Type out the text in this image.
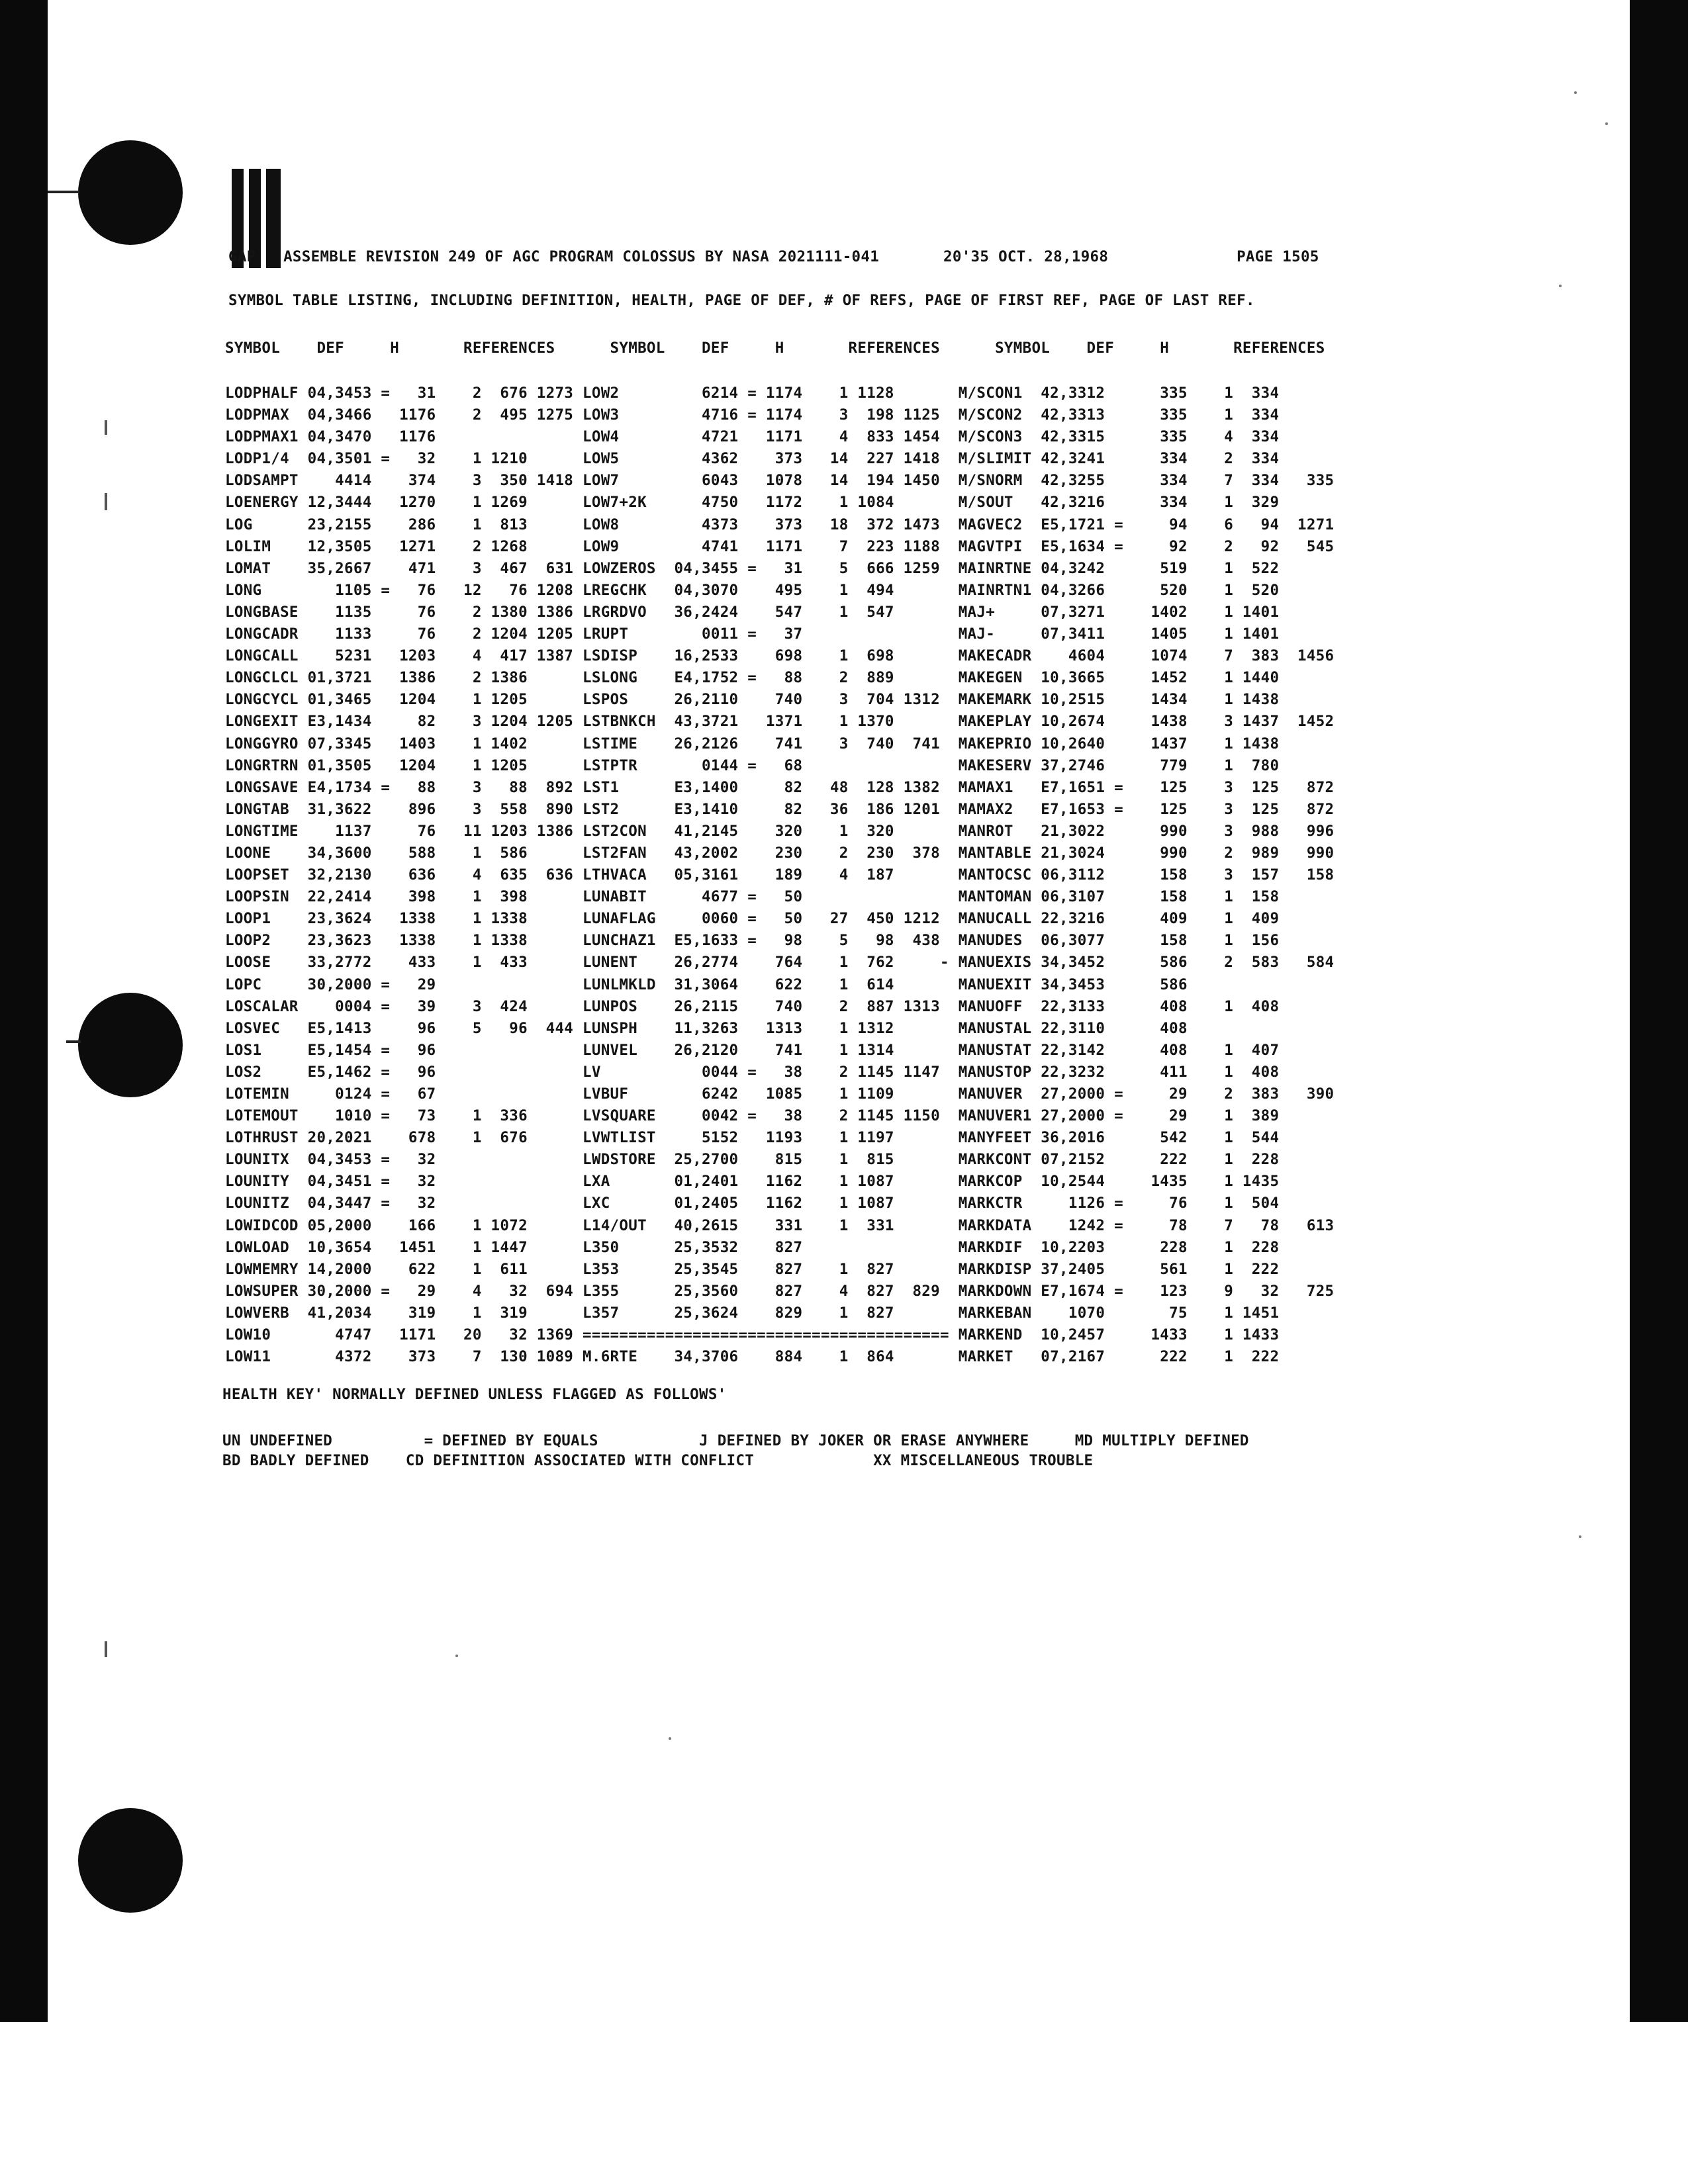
GAP   ASSEMBLE REVISION 249 OF AGC PROGRAM COLOSSUS BY NASA 2021111-041       20'35 OCT. 28,1968              PAGE 1505
SYMBOL TABLE LISTING, INCLUDING DEFINITION, HEALTH, PAGE OF DEF, # OF REFS, PAGE OF FIRST REF, PAGE OF LAST REF.
SYMBOL    DEF     H       REFERENCES      SYMBOL    DEF     H       REFERENCES      SYMBOL    DEF     H       REFERENCES
LODPHALF 04,3453 =   31    2  676 1273 LOW2         6214 = 1174    1 1128       M/SCON1  42,3312      335    1  334
LODPMAX  04,3466   1176    2  495 1275 LOW3         4716 = 1174    3  198 1125  M/SCON2  42,3313      335    1  334
LODPMAX1 04,3470   1176                LOW4         4721   1171    4  833 1454  M/SCON3  42,3315      335    4  334
LODP1/4  04,3501 =   32    1 1210      LOW5         4362    373   14  227 1418  M/SLIMIT 42,3241      334    2  334
LODSAMPT    4414    374    3  350 1418 LOW7         6043   1078   14  194 1450  M/SNORM  42,3255      334    7  334   335
LOENERGY 12,3444   1270    1 1269      LOW7+2K      4750   1172    1 1084       M/SOUT   42,3216      334    1  329
LOG      23,2155    286    1  813      LOW8         4373    373   18  372 1473  MAGVEC2  E5,1721 =     94    6   94  1271
LOLIM    12,3505   1271    2 1268      LOW9         4741   1171    7  223 1188  MAGVTPI  E5,1634 =     92    2   92   545
LOMAT    35,2667    471    3  467  631 LOWZEROS  04,3455 =   31    5  666 1259  MAINRTNE 04,3242      519    1  522
LONG        1105 =   76   12   76 1208 LREGCHK   04,3070    495    1  494       MAINRTN1 04,3266      520    1  520
LONGBASE    1135     76    2 1380 1386 LRGRDVO   36,2424    547    1  547       MAJ+     07,3271     1402    1 1401
LONGCADR    1133     76    2 1204 1205 LRUPT        0011 =   37                 MAJ-     07,3411     1405    1 1401
LONGCALL    5231   1203    4  417 1387 LSDISP    16,2533    698    1  698       MAKECADR    4604     1074    7  383  1456
LONGCLCL 01,3721   1386    2 1386      LSLONG    E4,1752 =   88    2  889       MAKEGEN  10,3665     1452    1 1440
LONGCYCL 01,3465   1204    1 1205      LSPOS     26,2110    740    3  704 1312  MAKEMARK 10,2515     1434    1 1438
LONGEXIT E3,1434     82    3 1204 1205 LSTBNKCH  43,3721   1371    1 1370       MAKEPLAY 10,2674     1438    3 1437  1452
LONGGYRO 07,3345   1403    1 1402      LSTIME    26,2126    741    3  740  741  MAKEPRIO 10,2640     1437    1 1438
LONGRTRN 01,3505   1204    1 1205      LSTPTR       0144 =   68                 MAKESERV 37,2746      779    1  780
LONGSAVE E4,1734 =   88    3   88  892 LST1      E3,1400     82   48  128 1382  MAMAX1   E7,1651 =    125    3  125   872
LONGTAB  31,3622    896    3  558  890 LST2      E3,1410     82   36  186 1201  MAMAX2   E7,1653 =    125    3  125   872
LONGTIME    1137     76   11 1203 1386 LST2CON   41,2145    320    1  320       MANROT   21,3022      990    3  988   996
LOONE    34,3600    588    1  586      LST2FAN   43,2002    230    2  230  378  MANTABLE 21,3024      990    2  989   990
LOOPSET  32,2130    636    4  635  636 LTHVACA   05,3161    189    4  187       MANTOCSC 06,3112      158    3  157   158
LOOPSIN  22,2414    398    1  398      LUNABIT      4677 =   50                 MANTOMAN 06,3107      158    1  158
LOOP1    23,3624   1338    1 1338      LUNAFLAG     0060 =   50   27  450 1212  MANUCALL 22,3216      409    1  409
LOOP2    23,3623   1338    1 1338      LUNCHAZ1  E5,1633 =   98    5   98  438  MANUDES  06,3077      158    1  156
LOOSE    33,2772    433    1  433      LUNENT    26,2774    764    1  762     - MANUEXIS 34,3452      586    2  583   584
LOPC     30,2000 =   29                LUNLMKLD  31,3064    622    1  614       MANUEXIT 34,3453      586
LOSCALAR    0004 =   39    3  424      LUNPOS    26,2115    740    2  887 1313  MANUOFF  22,3133      408    1  408
LOSVEC   E5,1413     96    5   96  444 LUNSPH    11,3263   1313    1 1312       MANUSTAL 22,3110      408
LOS1     E5,1454 =   96                LUNVEL    26,2120    741    1 1314       MANUSTAT 22,3142      408    1  407
LOS2     E5,1462 =   96                LV           0044 =   38    2 1145 1147  MANUSTOP 22,3232      411    1  408
LOTEMIN     0124 =   67                LVBUF        6242   1085    1 1109       MANUVER  27,2000 =     29    2  383   390
LOTEMOUT    1010 =   73    1  336      LVSQUARE     0042 =   38    2 1145 1150  MANUVER1 27,2000 =     29    1  389
LOTHRUST 20,2021    678    1  676      LVWTLIST     5152   1193    1 1197       MANYFEET 36,2016      542    1  544
LOUNITX  04,3453 =   32                LWDSTORE  25,2700    815    1  815       MARKCONT 07,2152      222    1  228
LOUNITY  04,3451 =   32                LXA       01,2401   1162    1 1087       MARKCOP  10,2544     1435    1 1435
LOUNITZ  04,3447 =   32                LXC       01,2405   1162    1 1087       MARKCTR     1126 =     76    1  504
LOWIDCOD 05,2000    166    1 1072      L14/OUT   40,2615    331    1  331       MARKDATA    1242 =     78    7   78   613
LOWLOAD  10,3654   1451    1 1447      L350      25,3532    827                 MARKDIF  10,2203      228    1  228
LOWMEMRY 14,2000    622    1  611      L353      25,3545    827    1  827       MARKDISP 37,2405      561    1  222
LOWSUPER 30,2000 =   29    4   32  694 L355      25,3560    827    4  827  829  MARKDOWN E7,1674 =    123    9   32   725
LOWVERB  41,2034    319    1  319      L357      25,3624    829    1  827       MARKEBAN    1070       75    1 1451
LOW10       4747   1171   20   32 1369 ======================================== MARKEND  10,2457     1433    1 1433
LOW11       4372    373    7  130 1089 M.6RTE    34,3706    884    1  864       MARKET   07,2167      222    1  222
HEALTH KEY' NORMALLY DEFINED UNLESS FLAGGED AS FOLLOWS'
UN UNDEFINED          = DEFINED BY EQUALS           J DEFINED BY JOKER OR ERASE ANYWHERE     MD MULTIPLY DEFINED
BD BADLY DEFINED    CD DEFINITION ASSOCIATED WITH CONFLICT             XX MISCELLANEOUS TROUBLE
